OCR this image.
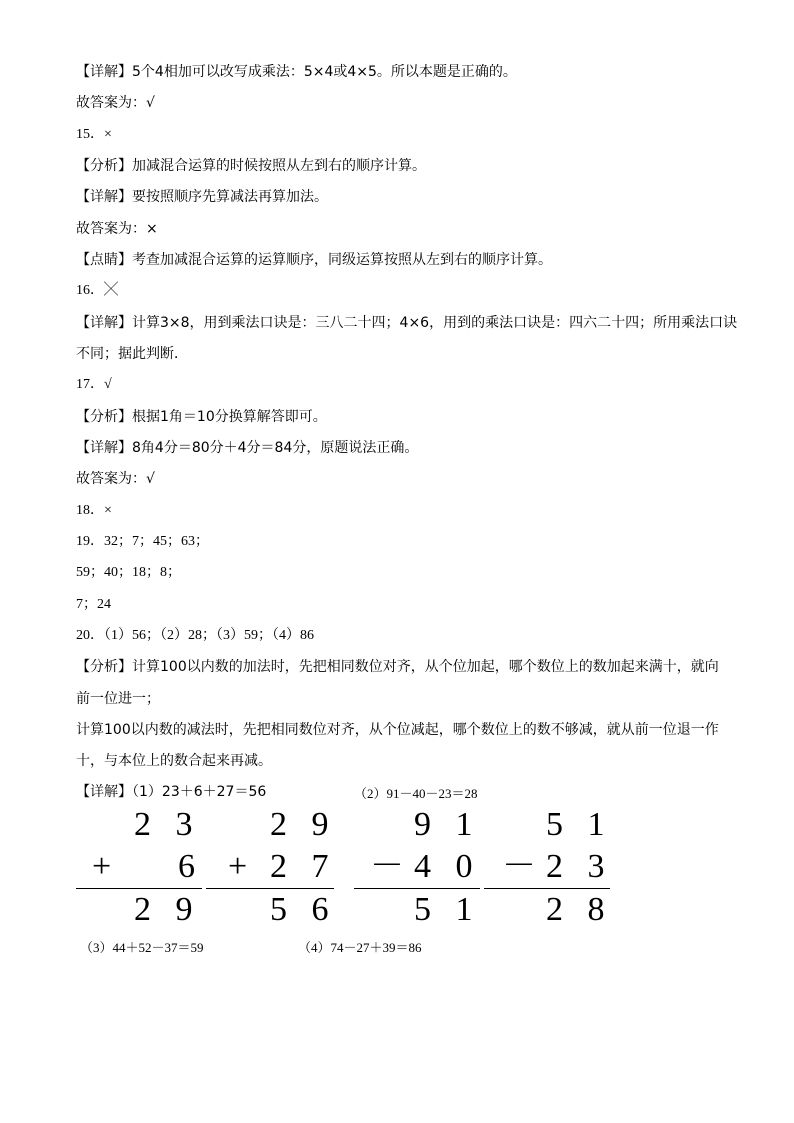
【详解】5个4相加可以改写成乘法：5×4或4×5。所以本题是正确的。
故答案为：√
15．×
【分析】加减混合运算的时候按照从左到右的顺序计算。
【详解】要按照顺序先算减法再算加法。
故答案为：×
【点睛】考查加减混合运算的运算顺序，同级运算按照从左到右的顺序计算。
16．╳
【详解】计算3×8，用到乘法口诀是：三八二十四；4×6，用到的乘法口诀是：四六二十四；所用乘法口诀
不同；据此判断．
17．√
【分析】根据1角＝10分换算解答即可。
【详解】8角4分＝80分＋4分＝84分，原题说法正确。
故答案为：√
18．×
19．32；7；45；63；
59；40；18；8；
7；24
20．（1）56；（2）28；（3）59；（4）86
【分析】计算100以内数的加法时，先把相同数位对齐，从个位加起，哪个数位上的数加起来满十，就向
前一位进一；
计算100以内数的减法时，先把相同数位对齐，从个位减起，哪个数位上的数不够减，就从前一位退一作
十，与本位上的数合起来再减。
【详解】（1）23＋6＋27＝56	（2）91－40－23＝28
2 3
+ 6
2 9
2 9
+ 2 7
5 6
9 1
－ 4 0
5 1
5 1
－ 2 3
2 8
（3）44＋52－37＝59	（4）74－27＋39＝86
